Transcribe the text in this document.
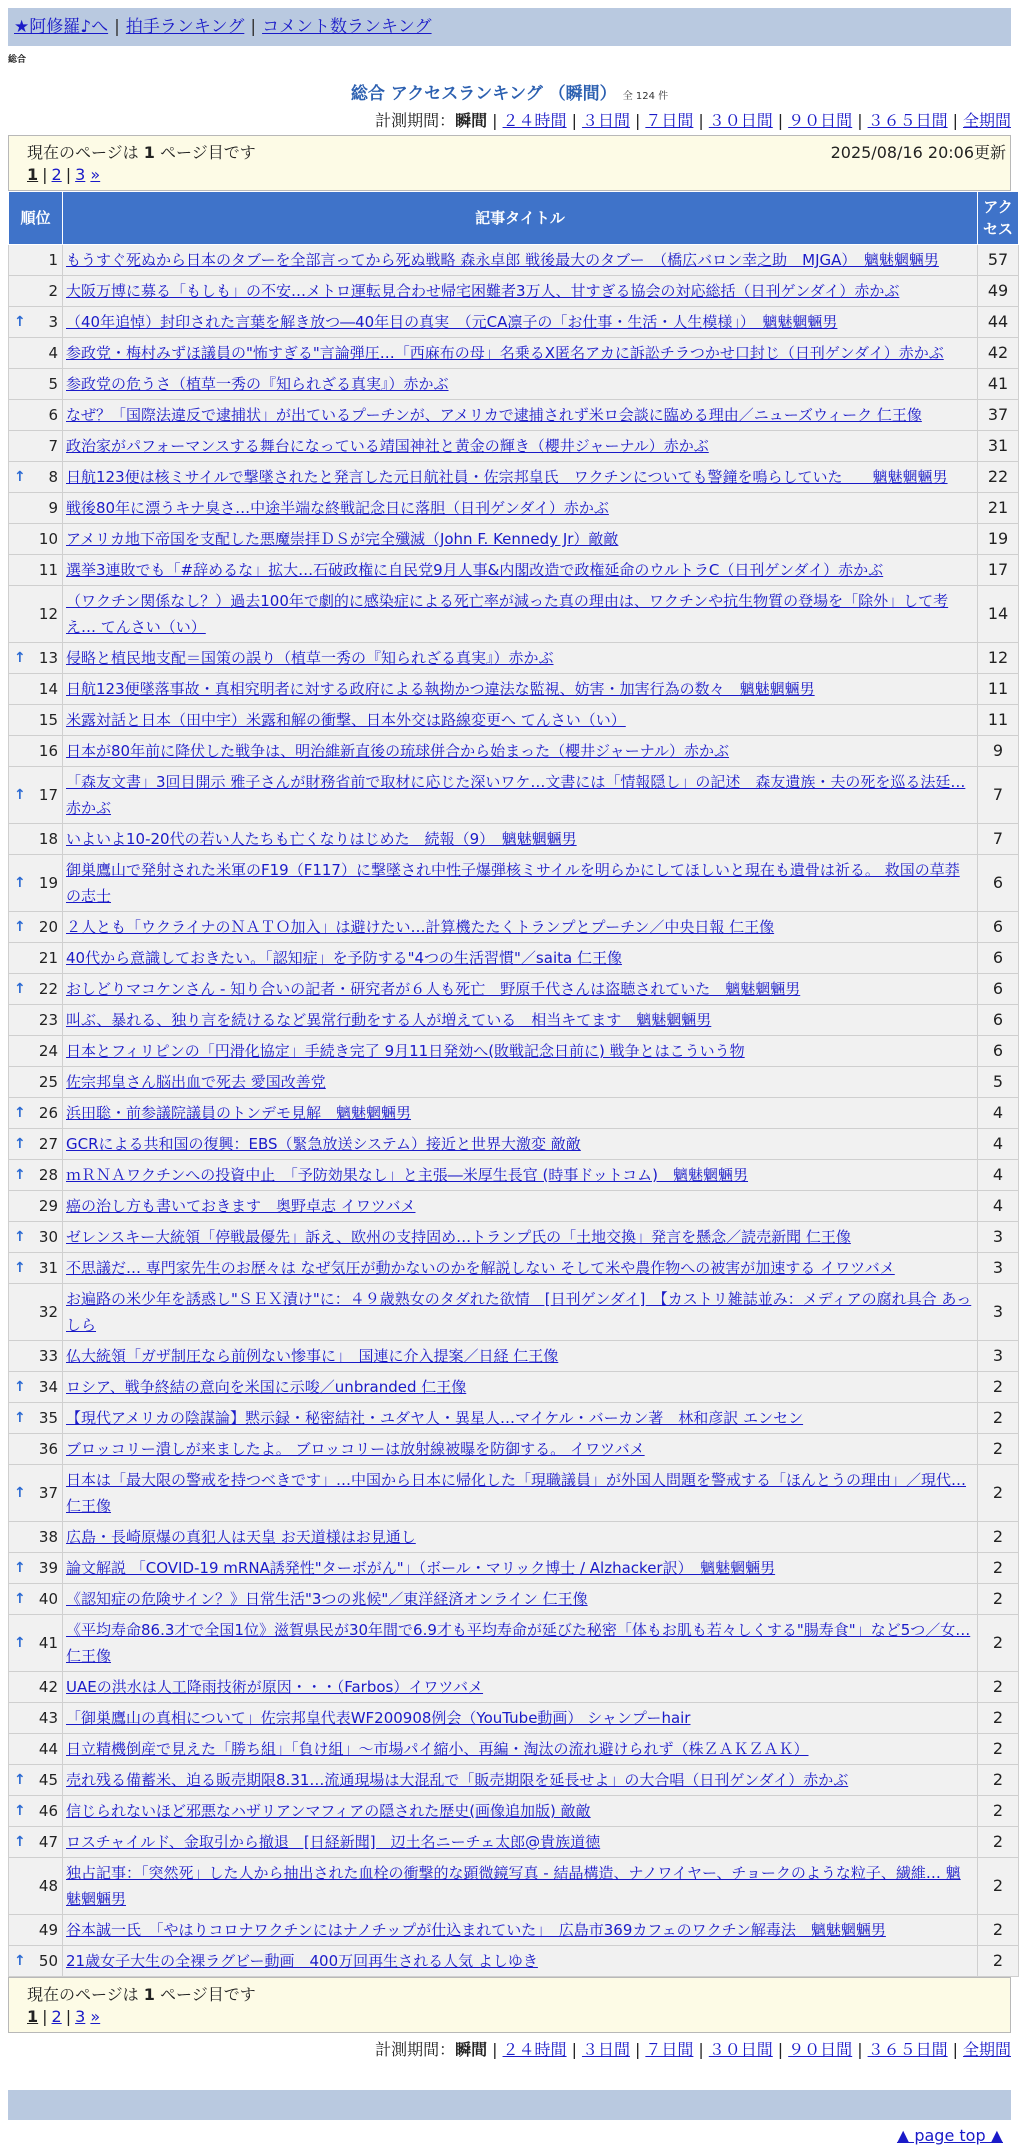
★阿修羅♪へ | 拍手ランキング | コメント数ランキング
総合
総合 アクセスランキング （瞬間） 全 124 件
計測期間：瞬間 | ２４時間 | ３日間 | ７日間 | ３０日間 | ９０日間 | ３６５日間 | 全期間
現在のページは 1 ページ目です	2025/08/16 20:06更新
1 | 2 | 3 »
順位	記事タイトル	アクセス
1	もうすぐ死ぬから日本のタブーを全部言ってから死ぬ戦略 森永卓郎 戦後最大のタブー　（橋広バロン幸之助　MJGA）　魑魅魍魎男	57
2	大阪万博に募る「もしも」の不安…メトロ運転見合わせ帰宅困難者3万人、甘すぎる協会の対応総括（日刊ゲンダイ）赤かぶ	49

↑ 3	（40年追悼）封印された言葉を解き放つ―40年目の真実　（元CA凛子の「お仕事・生活・人生模様」）　魑魅魍魎男	44
4	参政党・梅村みずほ議員の"怖すぎる"言論弾圧…「西麻布の母」名乗るX匿名アカに訴訟チラつかせ口封じ（日刊ゲンダイ）赤かぶ	42
5	参政党の危うさ（植草一秀の『知られざる真実』）赤かぶ	41
6	なぜ？「国際法違反で逮捕状」が出ているプーチンが、アメリカで逮捕されず米ロ会談に臨める理由／ニューズウィーク 仁王像	37
7	政治家がパフォーマンスする舞台になっている靖国神社と黄金の輝き（櫻井ジャーナル）赤かぶ	31

↑ 8	日航123便は核ミサイルで撃墜されたと発言した元日航社員・佐宗邦皇氏　ワクチンについても警鐘を鳴らしていた　　魑魅魍魎男	22
9	戦後80年に漂うキナ臭さ…中途半端な終戦記念日に落胆（日刊ゲンダイ）赤かぶ	21
10	アメリカ地下帝国を支配した悪魔崇拝ＤＳが完全殲滅（John F. Kennedy Jr）敵敵	19
11	選挙3連敗でも「#辞めるな」拡大…石破政権に自民党9月人事&内閣改造で政権延命のウルトラC（日刊ゲンダイ）赤かぶ	17
12	（ワクチン関係なし？）過去100年で劇的に感染症による死亡率が減った真の理由は、ワクチンや抗生物質の登場を「除外」して考え… てんさい（い）	14

↑ 13	侵略と植民地支配＝国策の誤り（植草一秀の『知られざる真実』）赤かぶ	12
14	日航123便墜落事故・真相究明者に対する政府による執拗かつ違法な監視、妨害・加害行為の数々　魑魅魍魎男	11
15	米露対話と日本（田中宇）米露和解の衝撃、日本外交は路線変更へ てんさい（い）	11
16	日本が80年前に降伏した戦争は、明治維新直後の琉球併合から始まった（櫻井ジャーナル）赤かぶ	9

↑ 17	「森友文書」3回目開示 雅子さんが財務省前で取材に応じた深いワケ…文書には「情報隠し」の記述　森友遺族・夫の死を巡る法廷… 赤かぶ	7
18	いよいよ10-20代の若い人たちも亡くなりはじめた　続報（9）　魑魅魍魎男	7

↑ 19	御巣鷹山で発射された米軍のF19（F117）に撃墜され中性子爆弾核ミサイルを明らかにしてほしいと現在も遺骨は祈る。 救国の草莽の志士	6

↑ 20	２人とも「ウクライナのＮＡＴＯ加入」は避けたい…計算機たたくトランプとプーチン／中央日報 仁王像	6
21	40代から意識しておきたい。「認知症」を予防する"4つの生活習慣"／saita 仁王像	6

↑ 22	おしどりマコケンさん - 知り合いの記者・研究者が６人も死亡　野原千代さんは盗聴されていた　魑魅魍魎男	6
23	叫ぶ、暴れる、独り言を続けるなど異常行動をする人が増えている　相当キてます　魑魅魍魎男	6
24	日本とフィリピンの「円滑化協定」手続き完了 9月11日発効へ(敗戦記念日前に) 戦争とはこういう物	6
25	佐宗邦皇さん脳出血で死去 愛国改善党	5

↑ 26	浜田聡・前参議院議員のトンデモ見解　魑魅魍魎男	4

↑ 27	GCRによる共和国の復興：EBS（緊急放送システム）接近と世界大激変 敵敵	4

↑ 28	ｍＲＮＡワクチンへの投資中止　「予防効果なし」と主張―米厚生長官 (時事ドットコム)　魑魅魍魎男	4
29	癌の治し方も書いておきます　奥野卓志 イワツバメ	4

↑ 30	ゼレンスキー大統領「停戦最優先」訴え、欧州の支持固め…トランプ氏の「土地交換」発言を懸念／読売新聞 仁王像	3

↑ 31	不思議だ… 専門家先生のお歴々は なぜ気圧が動かないのかを解説しない そして米や農作物への被害が加速する イワツバメ	3
32	お遍路の米少年を誘惑し"ＳＥＸ漬け"に：４９歳熟女のタダれた欲情　[日刊ゲンダイ]　【カストリ雑誌並み：メディアの腐れ具合 あっしら	3
33	仏大統領「ガザ制圧なら前例ない惨事に」　国連に介入提案／日経 仁王像	3

↑ 34	ロシア、戦争終結の意向を米国に示唆／unbranded 仁王像	2

↑ 35	【現代アメリカの陰謀論】黙示録・秘密結社・ユダヤ人・異星人…マイケル・バーカン著　林和彦訳 エンセン	2
36	ブロッコリー潰しが来ましたよ。 ブロッコリーは放射線被曝を防御する。 イワツバメ	2

↑ 37	日本は「最大限の警戒を持つべきです」…中国から日本に帰化した「現職議員」が外国人問題を警戒する「ほんとうの理由」／現代… 仁王像	2
38	広島・長崎原爆の真犯人は天皇 お天道様はお見通し	2

↑ 39	論文解説 「COVID-19 mRNA誘発性"ターボがん"」（ボール・マリック博士 / Alzhacker訳）　魑魅魍魎男	2

↑ 40	《認知症の危険サイン？》日常生活"3つの兆候"／東洋経済オンライン 仁王像	2

↑ 41	《平均寿命86.3才で全国1位》滋賀県民が30年間で6.9才も平均寿命が延びた秘密「体もお肌も若々しくする"腸寿食"」など5つ／女… 仁王像	2
42	UAEの洪水は人工降雨技術が原因・・・（Farbos）イワツバメ	2
43	「御巣鷹山の真相について」佐宗邦皇代表WF200908例会（YouTube動画） シャンプーhair	2
44	日立精機倒産で見えた「勝ち組」「負け組」～市場パイ縮小、再編・淘汰の流れ避けられず（株ＺＡＫＺＡＫ）	2

↑ 45	売れ残る備蓄米、迫る販売期限8.31…流通現場は大混乱で「販売期限を延長せよ」の大合唱（日刊ゲンダイ）赤かぶ	2

↑ 46	信じられないほど邪悪なハザリアンマフィアの隠された歴史(画像追加版) 敵敵	2

↑ 47	ロスチャイルド、金取引から撤退　[日経新聞]　辺土名ニーチェ太郎@貴族道徳	2
48	独占記事：「突然死」した人から抽出された血栓の衝撃的な顕微鏡写真 - 結晶構造、ナノワイヤー、チョークのような粒子、繊維… 魑魅魍魎男	2
49	谷本誠一氏　「やはりコロナワクチンにはナノチップが仕込まれていた」　広島市369カフェのワクチン解毒法　魑魅魍魎男	2

↑ 50	21歳女子大生の全裸ラグビー動画　400万回再生される人気 よしゆき	2
現在のページは 1 ページ目です
1 | 2 | 3 »
計測期間：瞬間 | ２４時間 | ３日間 | ７日間 | ３０日間 | ９０日間 | ３６５日間 | 全期間
▲ page top ▲
